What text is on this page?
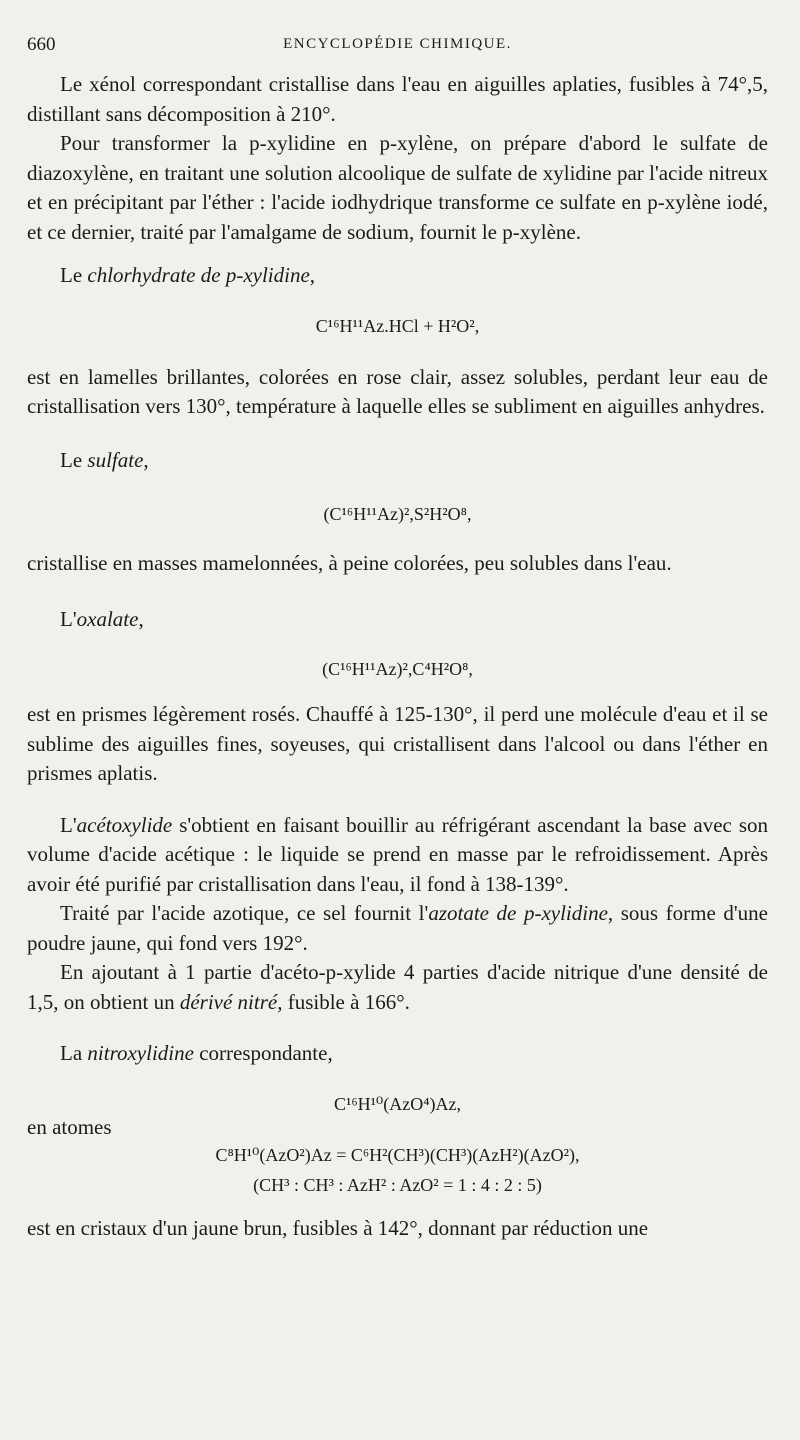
660	ENCYCLOPÉDIE CHIMIQUE.

Le xénol correspondant cristallise dans l'eau en aiguilles aplaties, fusibles à 74°,5, distillant sans décomposition à 210°.

Pour transformer la p-xylidine en p-xylène, on prépare d'abord le sulfate de diazoxylène, en traitant une solution alcoolique de sulfate de xylidine par l'acide nitreux et en précipitant par l'éther : l'acide iodhydrique transforme ce sulfate en p-xylène iodé, et ce dernier, traité par l'amalgame de sodium, fournit le p-xylène.

Le chlorhydrate de p-xylidine,

C¹⁶H¹¹Az.HCl + H²O²,

est en lamelles brillantes, colorées en rose clair, assez solubles, perdant leur eau de cristallisation vers 130°, température à laquelle elles se subliment en aiguilles anhydres.

Le sulfate,

(C¹⁶H¹¹Az)²,S²H²O⁸,

cristallise en masses mamelonnées, à peine colorées, peu solubles dans l'eau.

L'oxalate,

(C¹⁶H¹¹Az)²,C⁴H²O⁸,

est en prismes légèrement rosés. Chauffé à 125-130°, il perd une molécule d'eau et il se sublime des aiguilles fines, soyeuses, qui cristallisent dans l'alcool ou dans l'éther en prismes aplatis.

L'acétoxylide s'obtient en faisant bouillir au réfrigérant ascendant la base avec son volume d'acide acétique : le liquide se prend en masse par le refroidissement. Après avoir été purifié par cristallisation dans l'eau, il fond à 138-139°.

Traité par l'acide azotique, ce sel fournit l'azotate de p-xylidine, sous forme d'une poudre jaune, qui fond vers 192°.

En ajoutant à 1 partie d'acéto-p-xylide 4 parties d'acide nitrique d'une densité de 1,5, on obtient un dérivé nitré, fusible à 166°.

La nitroxylidine correspondante,

C¹⁶H¹⁰(AzO⁴)Az,

en atomes

C⁸H¹⁰(AzO²)Az = C⁶H²(CH³)(CH³)(AzH²)(AzO²),
(CH³ : CH³ : AzH² : AzO² = 1 : 4 : 2 : 5)

est en cristaux d'un jaune brun, fusibles à 142°, donnant par réduction une
